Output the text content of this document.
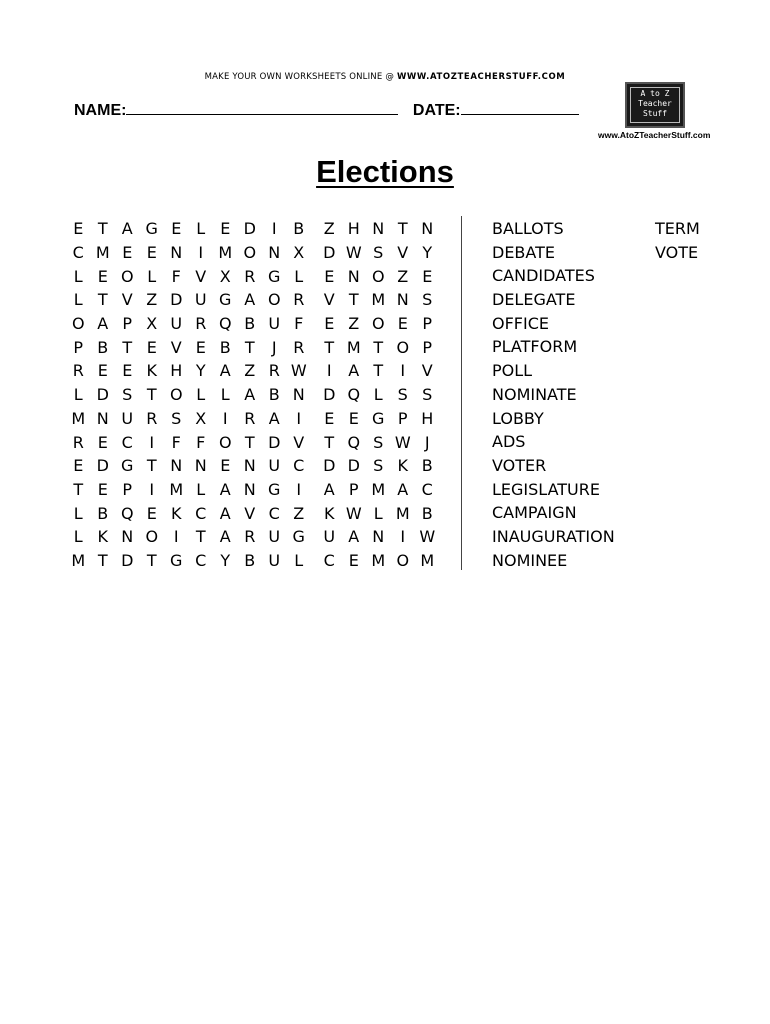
MAKE YOUR OWN WORKSHEETS ONLINE @ WWW.ATOZTEACHERSTUFF.COM
NAME:	DATE:
A to Z
Teacher
Stuff
www.AtoZTeacherStuff.com
Elections
E T A G E L E D I	B	Z H N T N
C M E E N	I M O N X	D W S V Y
L E O L F V X R G L	E N O Z E
L T V Z D U G A O R	V T M N S
O A P X U R Q B U F	E Z O E P
P B T E V E B T	J	R	T M T O P
R E E K H Y A Z R W	I	A T	I	V
L D S T O L L A B N	D Q L S S
M N U R S X	I	R A	I	E E G P H
R E C	I	F F O T D V	T Q S W J
E D G T N N E N U C	D D S K B
T E P	I M L A N G I	A P M A C
L B Q E K C A V C Z	K W L M B
L K N O I	T A R U G	U A N	I W
M T D T G C Y B U L	C E M O M
BALLOTS
DEBATE
CANDIDATES
DELEGATE
OFFICE
PLATFORM
POLL
NOMINATE
LOBBY
ADS
VOTER
LEGISLATURE
CAMPAIGN
INAUGURATION
NOMINEE
TERM
VOTE
